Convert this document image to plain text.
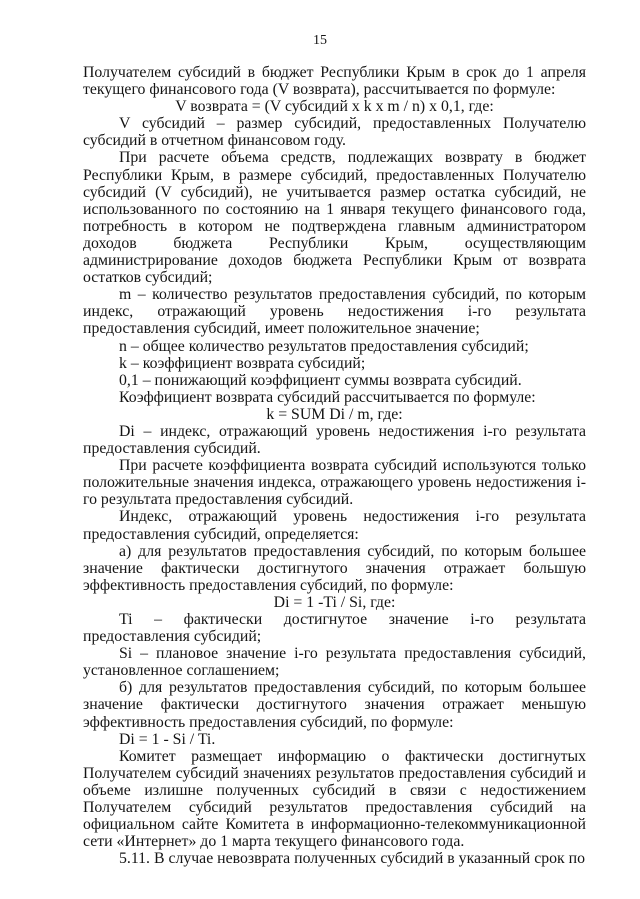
15

Получателем субсидий в бюджет Республики Крым в срок до 1 апреля текущего финансового года (V возврата), рассчитывается по формуле:

V возврата = (V субсидий x k x m / n) x 0,1, где:

V субсидий – размер субсидий, предоставленных Получателю субсидий в отчетном финансовом году.

При расчете объема средств, подлежащих возврату в бюджет Республики Крым, в размере субсидий, предоставленных Получателю субсидий (V субсидий), не учитывается размер остатка субсидий, не использованного по состоянию на 1 января текущего финансового года, потребность в котором не подтверждена главным администратором доходов бюджета Республики Крым, осуществляющим администрирование доходов бюджета Республики Крым от возврата остатков субсидий;

m – количество результатов предоставления субсидий, по которым индекс, отражающий уровень недостижения i-го результата предоставления субсидий, имеет положительное значение;

n – общее количество результатов предоставления субсидий;

k – коэффициент возврата субсидий;

0,1 – понижающий коэффициент суммы возврата субсидий.

Коэффициент возврата субсидий рассчитывается по формуле:

k = SUM Di / m, где:

Di – индекс, отражающий уровень недостижения i-го результата предоставления субсидий.

При расчете коэффициента возврата субсидий используются только положительные значения индекса, отражающего уровень недостижения i-го результата предоставления субсидий.

Индекс, отражающий уровень недостижения i-го результата предоставления субсидий, определяется:

а) для результатов предоставления субсидий, по которым большее значение фактически достигнутого значения отражает большую эффективность предоставления субсидий, по формуле:

Di = 1 -Ti / Si, где:

Ti – фактически достигнутое значение i-го результата предоставления субсидий;

Si – плановое значение i-го результата предоставления субсидий, установленное соглашением;

б) для результатов предоставления субсидий, по которым большее значение фактически достигнутого значения отражает меньшую эффективность предоставления субсидий, по формуле:

Di = 1 - Si / Ti.

Комитет размещает информацию о фактически достигнутых Получателем субсидий значениях результатов предоставления субсидий и объеме излишне полученных субсидий в связи с недостижением Получателем субсидий результатов предоставления субсидий на официальном сайте Комитета в информационно-телекоммуникационной сети «Интернет» до 1 марта текущего финансового года.

5.11. В случае невозврата полученных субсидий в указанный срок по
